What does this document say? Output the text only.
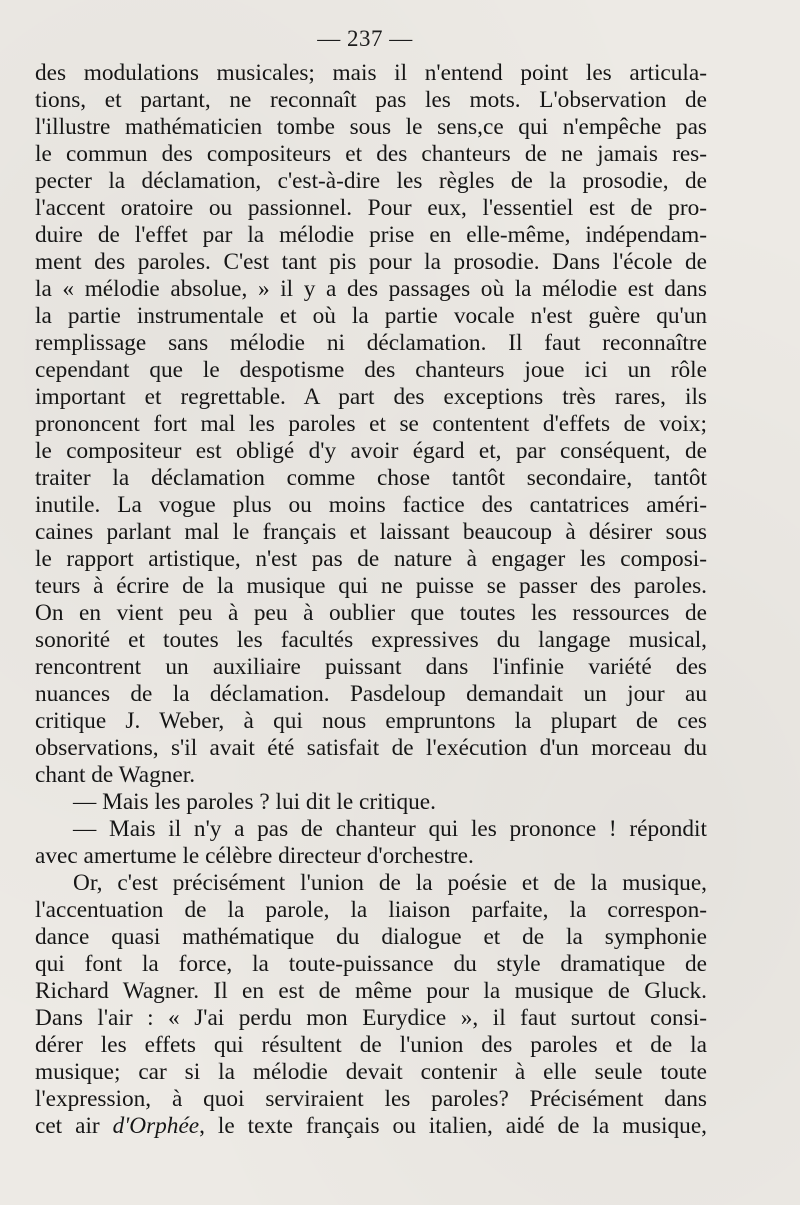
— 237 —
des modulations musicales; mais il n'entend point les articula-
tions, et partant, ne reconnaît pas les mots. L'observation de
l'illustre mathématicien tombe sous le sens,ce qui n'empêche pas
le commun des compositeurs et des chanteurs de ne jamais res-
pecter la déclamation, c'est-à-dire les règles de la prosodie, de
l'accent oratoire ou passionnel. Pour eux, l'essentiel est de pro-
duire de l'effet par la mélodie prise en elle-même, indépendam-
ment des paroles. C'est tant pis pour la prosodie. Dans l'école de
la « mélodie absolue, » il y a des passages où la mélodie est dans
la partie instrumentale et où la partie vocale n'est guère qu'un
remplissage sans mélodie ni déclamation. Il faut reconnaître
cependant que le despotisme des chanteurs joue ici un rôle
important et regrettable. A part des exceptions très rares, ils
prononcent fort mal les paroles et se contentent d'effets de voix;
le compositeur est obligé d'y avoir égard et, par conséquent, de
traiter la déclamation comme chose tantôt secondaire, tantôt
inutile. La vogue plus ou moins factice des cantatrices améri-
caines parlant mal le français et laissant beaucoup à désirer sous
le rapport artistique, n'est pas de nature à engager les composi-
teurs à écrire de la musique qui ne puisse se passer des paroles.
On en vient peu à peu à oublier que toutes les ressources de
sonorité et toutes les facultés expressives du langage musical,
rencontrent un auxiliaire puissant dans l'infinie variété des
nuances de la déclamation. Pasdeloup demandait un jour au
critique J. Weber, à qui nous empruntons la plupart de ces
observations, s'il avait été satisfait de l'exécution d'un morceau du
chant de Wagner.
— Mais les paroles ? lui dit le critique.
— Mais il n'y a pas de chanteur qui les prononce ! répondit
avec amertume le célèbre directeur d'orchestre.
Or, c'est précisément l'union de la poésie et de la musique,
l'accentuation de la parole, la liaison parfaite, la correspon-
dance quasi mathématique du dialogue et de la symphonie
qui font la force, la toute-puissance du style dramatique de
Richard Wagner. Il en est de même pour la musique de Gluck.
Dans l'air : « J'ai perdu mon Eurydice », il faut surtout consi-
dérer les effets qui résultent de l'union des paroles et de la
musique; car si la mélodie devait contenir à elle seule toute
l'expression, à quoi serviraient les paroles? Précisément dans
cet air d'Orphée, le texte français ou italien, aidé de la musique,
